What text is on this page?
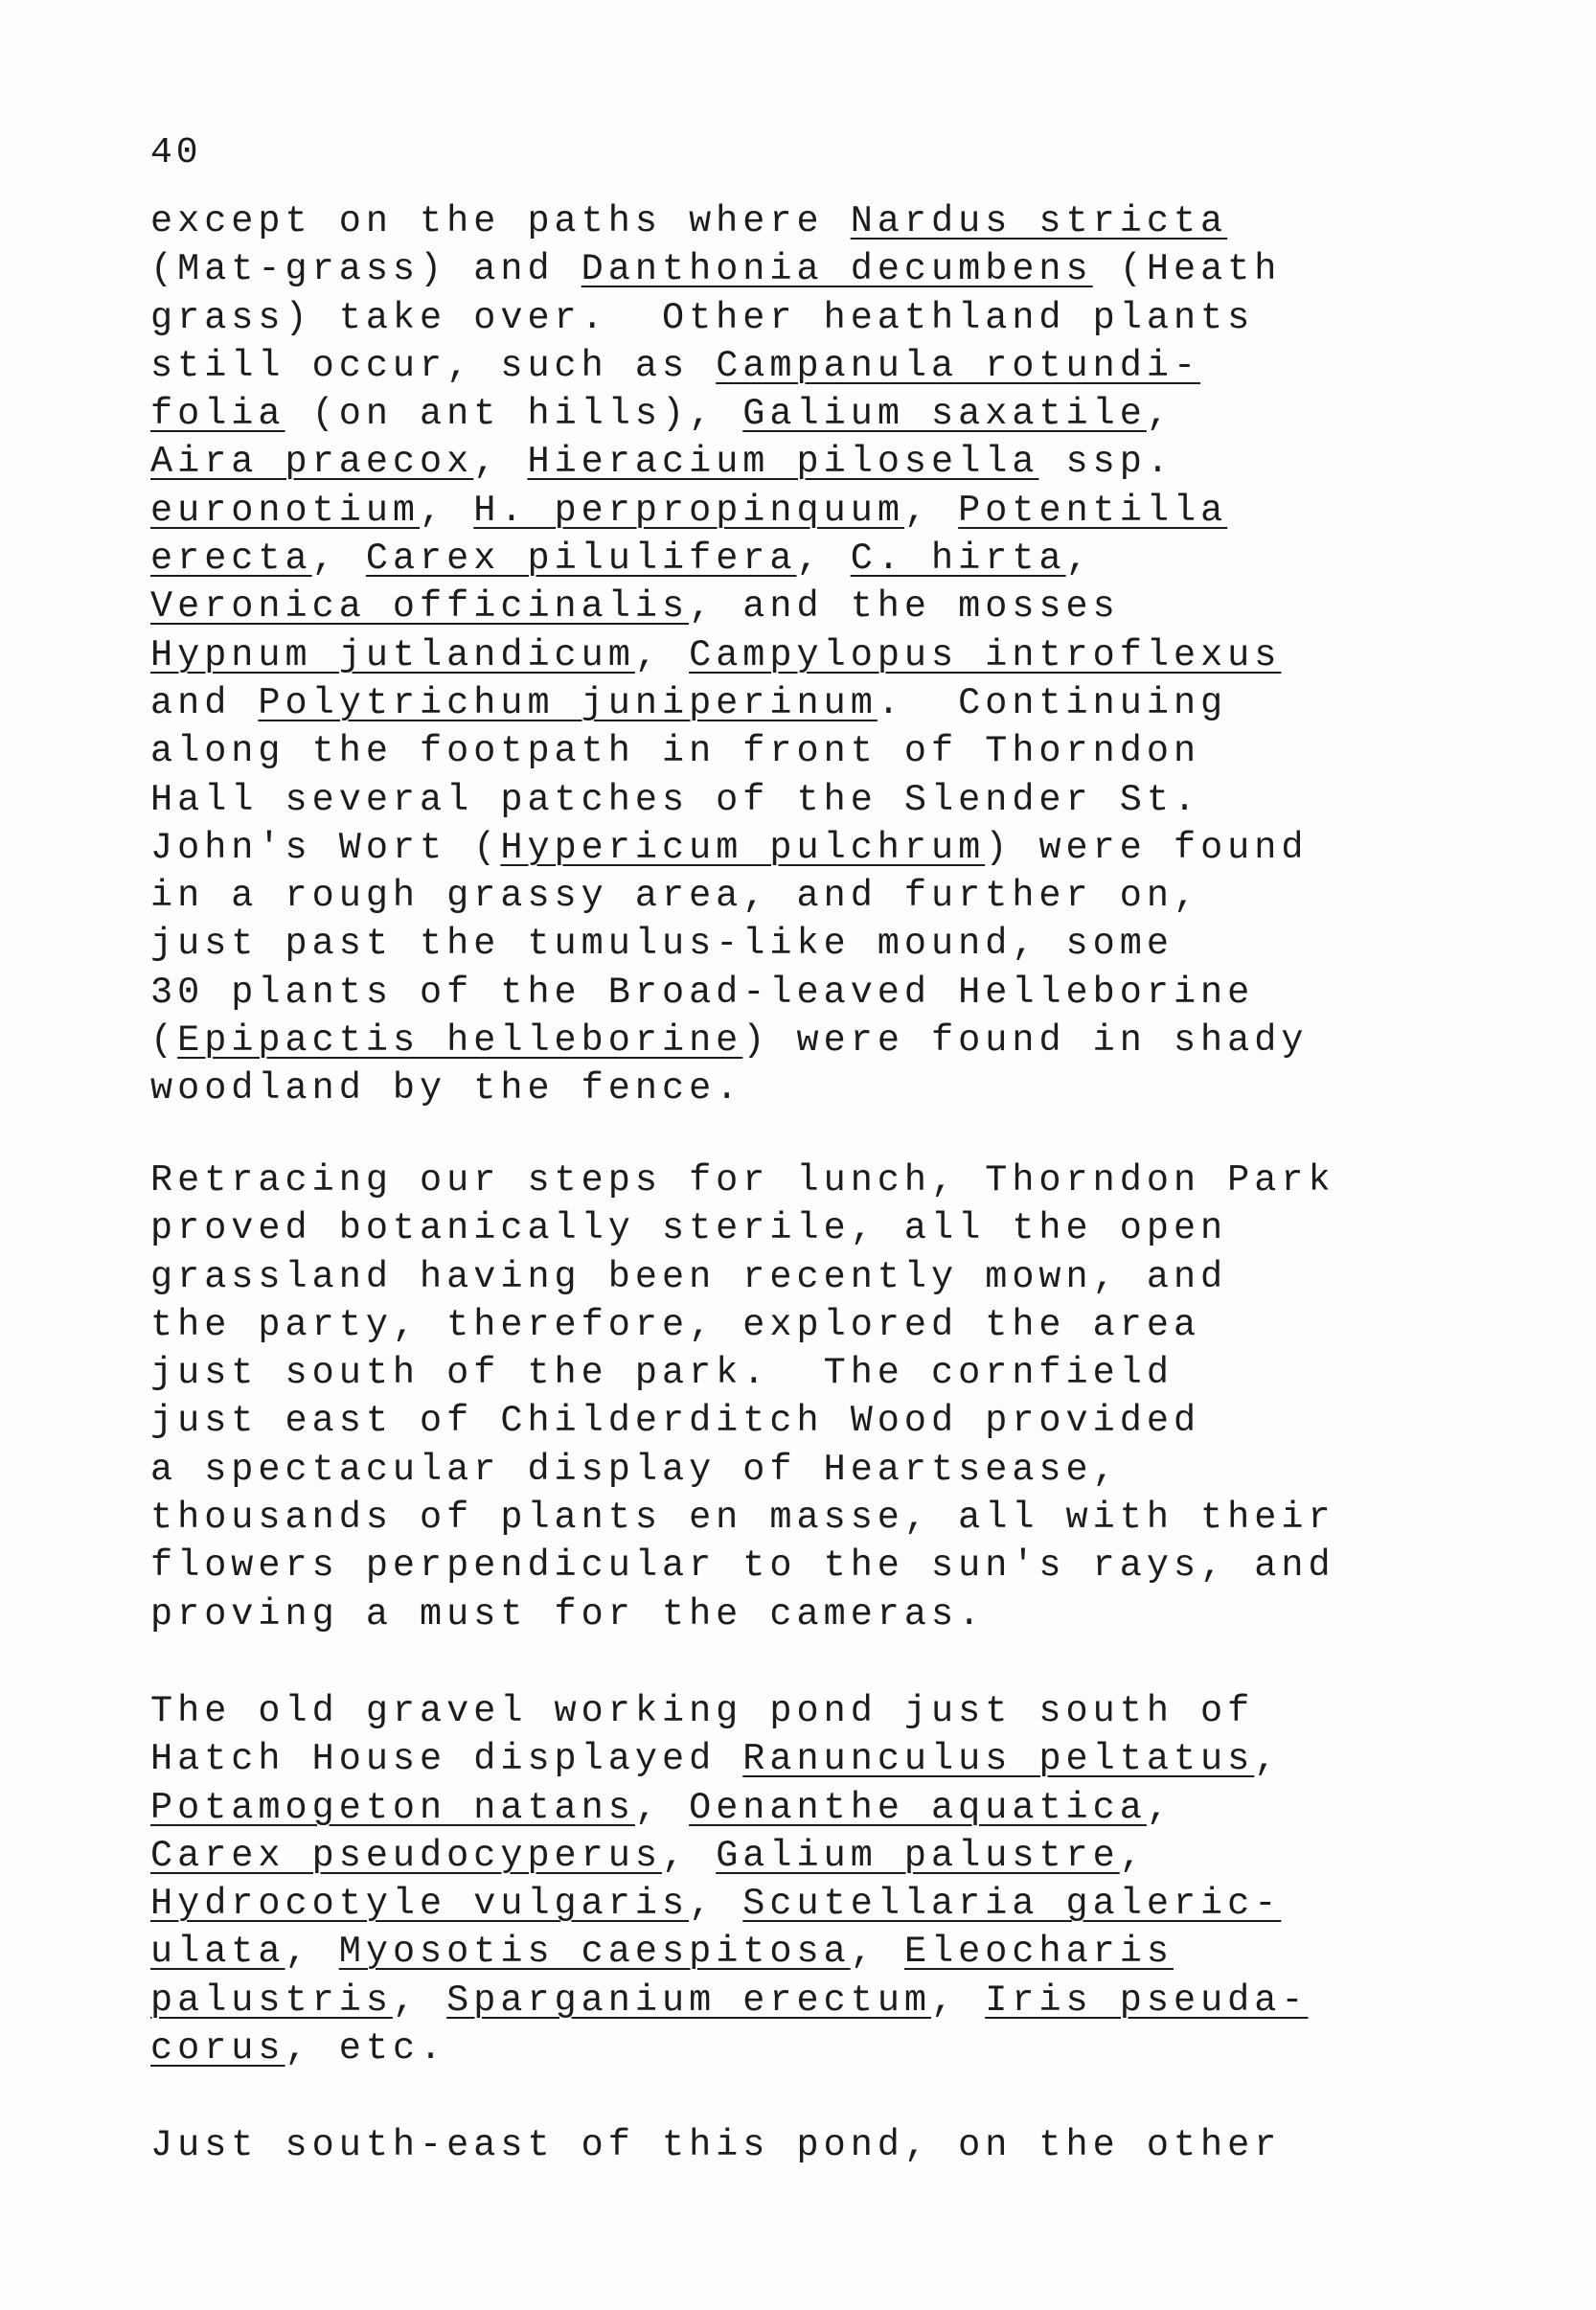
40
except on the paths where Nardus stricta
(Mat-grass) and Danthonia decumbens (Heath
grass) take over.  Other heathland plants
still occur, such as Campanula rotundi-
folia (on ant hills), Galium saxatile,
Aira praecox, Hieracium pilosella ssp.
euronotium, H. perpropinquum, Potentilla
erecta, Carex pilulifera, C. hirta,
Veronica officinalis, and the mosses
Hypnum jutlandicum, Campylopus introflexus
and Polytrichum juniperinum.  Continuing
along the footpath in front of Thorndon
Hall several patches of the Slender St.
John's Wort (Hypericum pulchrum) were found
in a rough grassy area, and further on,
just past the tumulus-like mound, some
30 plants of the Broad-leaved Helleborine
(Epipactis helleborine) were found in shady
woodland by the fence.
Retracing our steps for lunch, Thorndon Park
proved botanically sterile, all the open
grassland having been recently mown, and
the party, therefore, explored the area
just south of the park.  The cornfield
just east of Childerditch Wood provided
a spectacular display of Heartsease,
thousands of plants en masse, all with their
flowers perpendicular to the sun's rays, and
proving a must for the cameras.
The old gravel working pond just south of
Hatch House displayed Ranunculus peltatus,
Potamogeton natans, Oenanthe aquatica,
Carex pseudocyperus, Galium palustre,
Hydrocotyle vulgaris, Scutellaria galeric-
ulata, Myosotis caespitosa, Eleocharis
palustris, Sparganium erectum, Iris pseuda-
corus, etc.
Just south-east of this pond, on the other
